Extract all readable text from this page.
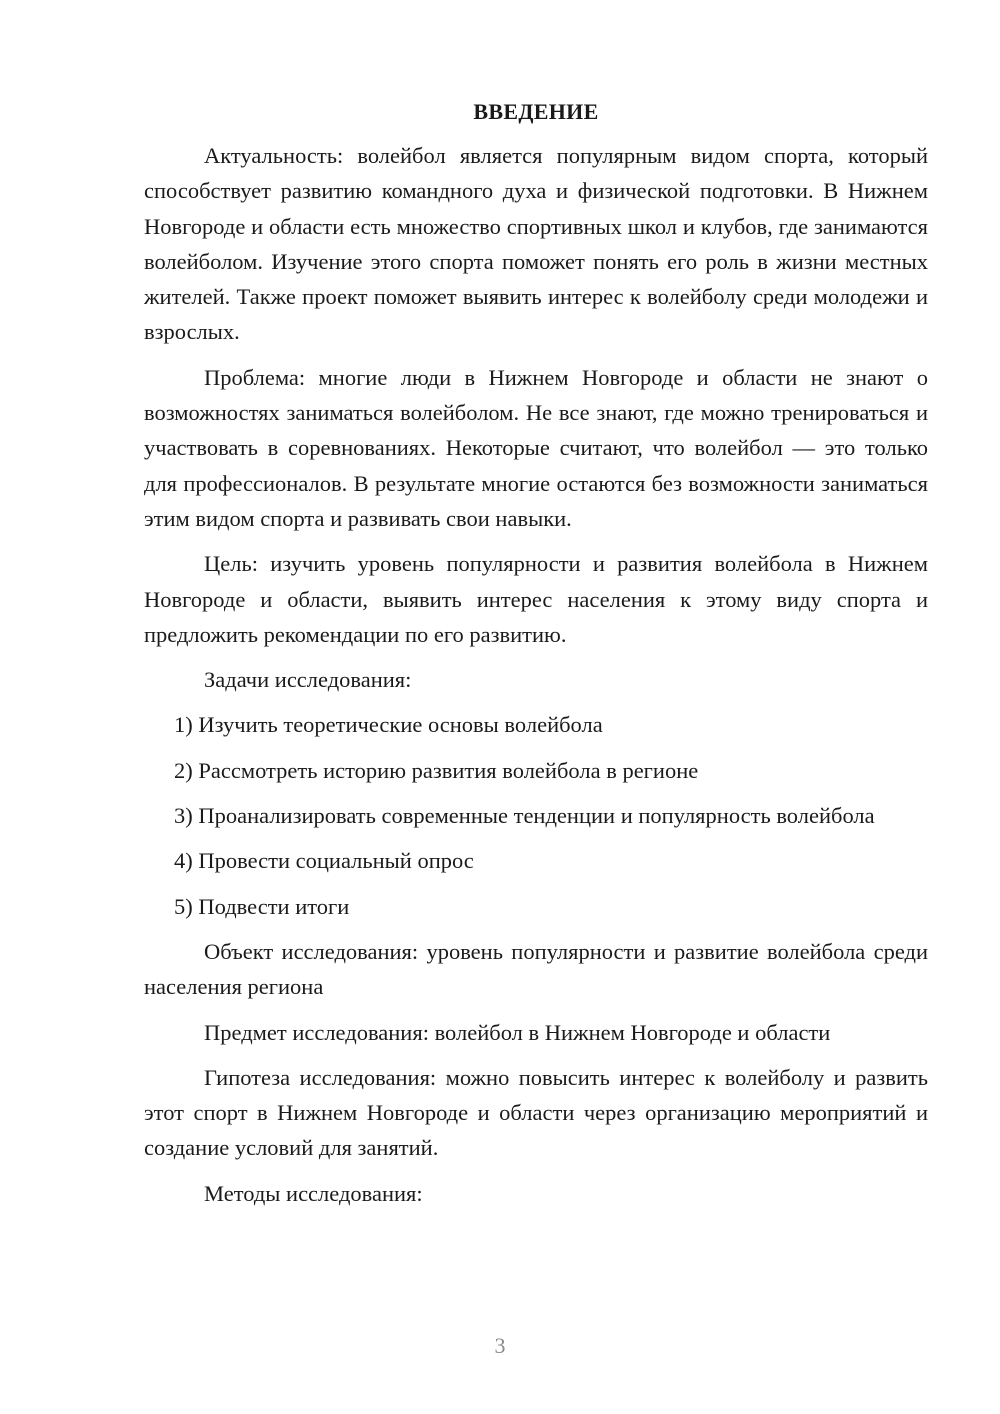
ВВЕДЕНИЕ

Актуальность: волейбол является популярным видом спорта, который способствует развитию командного духа и физической подготовки. В Нижнем Новгороде и области есть множество спортивных школ и клубов, где занимаются волейболом. Изучение этого спорта поможет понять его роль в жизни местных жителей. Также проект поможет выявить интерес к волейболу среди молодежи и взрослых.

Проблема: многие люди в Нижнем Новгороде и области не знают о возможностях заниматься волейболом. Не все знают, где можно тренироваться и участвовать в соревнованиях. Некоторые считают, что волейбол — это только для профессионалов. В результате многие остаются без возможности заниматься этим видом спорта и развивать свои навыки.

Цель: изучить уровень популярности и развития волейбола в Нижнем Новгороде и области, выявить интерес населения к этому виду спорта и предложить рекомендации по его развитию.

Задачи исследования:

1) Изучить теоретические основы волейбола

2) Рассмотреть историю развития волейбола в регионе

3) Проанализировать современные тенденции и популярность волейбола

4) Провести социальный опрос

5) Подвести итоги

Объект исследования: уровень популярности и развитие волейбола среди населения региона

Предмет исследования: волейбол в Нижнем Новгороде и области

Гипотеза исследования: можно повысить интерес к волейболу и развить этот спорт в Нижнем Новгороде и области через организацию мероприятий и создание условий для занятий.

Методы исследования:

3
